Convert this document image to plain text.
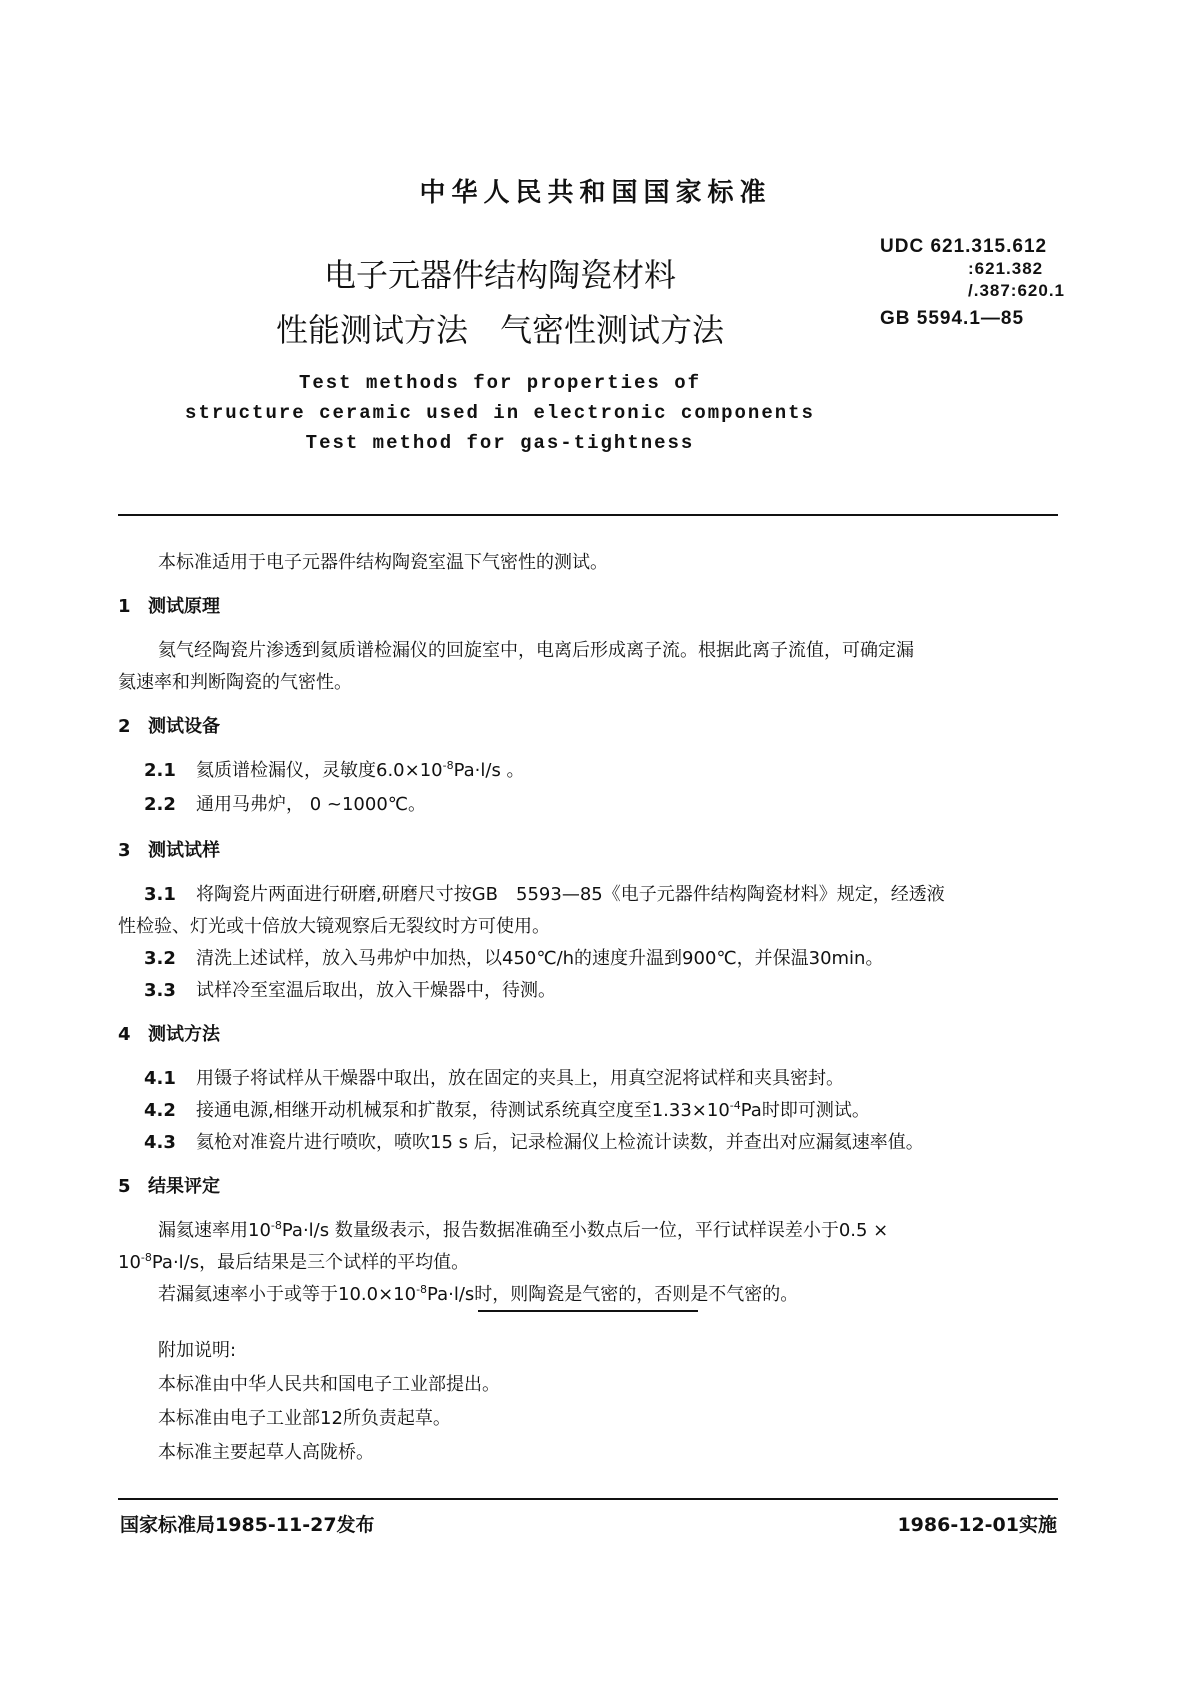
中华人民共和国国家标准
电子元器件结构陶瓷材料
性能测试方法　气密性测试方法
UDC 621.315.612
:621.382
/.387:620.1
GB 5594.1—85
Test methods for properties of
structure ceramic used in electronic components
Test method for gas-tightness
本标准适用于电子元器件结构陶瓷室温下气密性的测试。
1 测试原理
氦气经陶瓷片渗透到氦质谱检漏仪的回旋室中，电离后形成离子流。根据此离子流值，可确定漏
氦速率和判断陶瓷的气密性。
2 测试设备
2.1 氦质谱检漏仪，灵敏度$6.0\times 10^{-8}Pa\cdot l/s$ 。
2.2 通用马弗炉， 0 ~1000℃。
3 测试试样
3.1 将陶瓷片两面进行研磨,研磨尺寸按GB　5593—85《电子元器件结构陶瓷材料》规定，经透液
性检验、灯光或十倍放大镜观察后无裂纹时方可使用。
3.2 清洗上述试样，放入马弗炉中加热，以450℃/h的速度升温到900℃，并保温30min。
3.3 试样冷至室温后取出，放入干燥器中，待测。
4 测试方法
4.1 用镊子将试样从干燥器中取出，放在固定的夹具上，用真空泥将试样和夹具密封。
4.2 接通电源,相继开动机械泵和扩散泵，待测试系统真空度至$1.33\times 10^{-4}Pa$时即可测试。
4.3 氦枪对准瓷片进行喷吹，喷吹15 s 后，记录检漏仪上检流计读数，并查出对应漏氦速率值。
5 结果评定
漏氦速率用$10^{-8}Pa\cdot l/s$ 数量级表示，报告数据准确至小数点后一位，平行试样误差小于0.5 ×
$10^{-8}Pa\cdot l/s$，最后结果是三个试样的平均值。
若漏氦速率小于或等于$10.0\times 10^{-8}Pa\cdot l/s$时，则陶瓷是气密的，否则是不气密的。
附加说明:
本标准由中华人民共和国电子工业部提出。
本标准由电子工业部12所负责起草。
本标准主要起草人高陇桥。
国家标准局1985-11-27发布	1986-12-01实施
